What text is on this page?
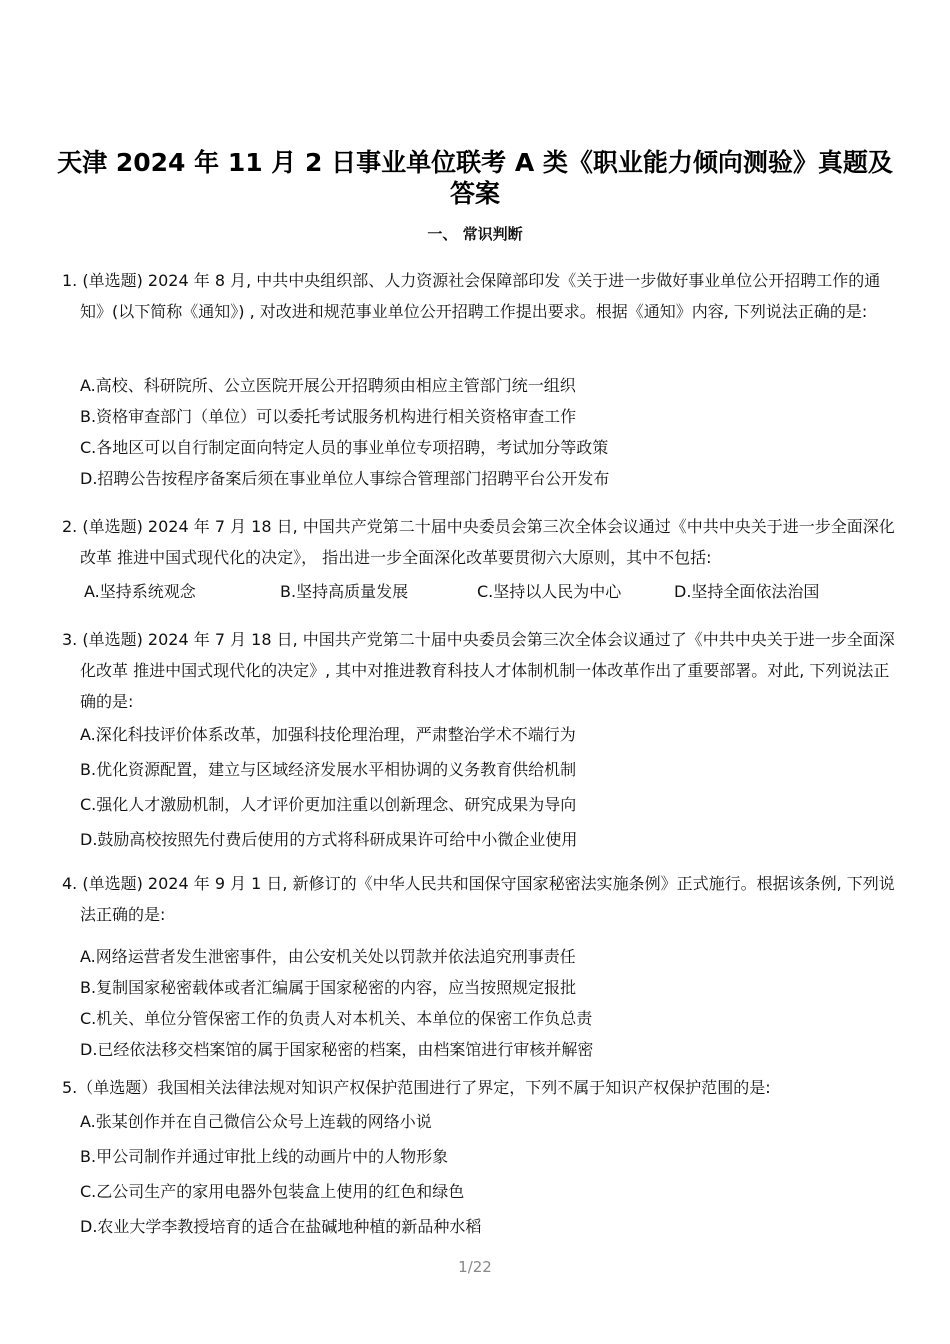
天津 2024 年 11 月 2 日事业单位联考 A 类《职业能力倾向测验》真题及答案
一、 常识判断

1. (单选题) 2024 年 8 月, 中共中央组织部、人力资源社会保障部印发《关于进一步做好事业单位公开招聘工作的通知》(以下简称《通知》) , 对改进和规范事业单位公开招聘工作提出要求。根据《通知》内容, 下列说法正确的是:

A.高校、科研院所、公立医院开展公开招聘须由相应主管部门统一组织

B.资格审查部门（单位）可以委托考试服务机构进行相关资格审查工作

C.各地区可以自行制定面向特定人员的事业单位专项招聘，考试加分等政策

D.招聘公告按程序备案后须在事业单位人事综合管理部门招聘平台公开发布

2. (单选题) 2024 年 7 月 18 日, 中国共产党第二十届中央委员会第三次全体会议通过《中共中央关于进一步全面深化改革 推进中国式现代化的决定》， 指出进一步全面深化改革要贯彻六大原则，其中不包括:

A.坚持系统观念	B.坚持高质量发展	C.坚持以人民为中心	D.坚持全面依法治国

3. (单选题) 2024 年 7 月 18 日, 中国共产党第二十届中央委员会第三次全体会议通过了《中共中央关于进一步全面深化改革 推进中国式现代化的决定》, 其中对推进教育科技人才体制机制一体改革作出了重要部署。对此, 下列说法正确的是:

A.深化科技评价体系改革，加强科技伦理治理，严肃整治学术不端行为

B.优化资源配置，建立与区域经济发展水平相协调的义务教育供给机制

C.强化人才激励机制，人才评价更加注重以创新理念、研究成果为导向

D.鼓励高校按照先付费后使用的方式将科研成果许可给中小微企业使用

4. (单选题) 2024 年 9 月 1 日, 新修订的《中华人民共和国保守国家秘密法实施条例》正式施行。根据该条例, 下列说法正确的是:

A.网络运营者发生泄密事件，由公安机关处以罚款并依法追究刑事责任

B.复制国家秘密载体或者汇编属于国家秘密的内容，应当按照规定报批

C.机关、单位分管保密工作的负责人对本机关、本单位的保密工作负总责

D.已经依法移交档案馆的属于国家秘密的档案，由档案馆进行审核并解密

5.（单选题）我国相关法律法规对知识产权保护范围进行了界定，下列不属于知识产权保护范围的是:

A.张某创作并在自己微信公众号上连载的网络小说

B.甲公司制作并通过审批上线的动画片中的人物形象

C.乙公司生产的家用电器外包装盒上使用的红色和绿色

D.农业大学李教授培育的适合在盐碱地种植的新品种水稻

1/22
